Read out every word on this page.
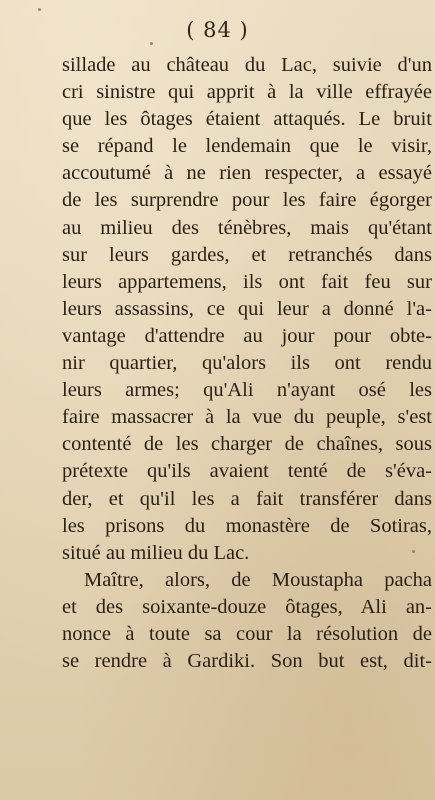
( 84 )
sillade au château du Lac, suivie d'un
cri sinistre qui apprit à la ville effrayée
que les ôtages étaient attaqués. Le bruit
se répand le lendemain que le visir,
accoutumé à ne rien respecter, a essayé
de les surprendre pour les faire égorger
au milieu des ténèbres, mais qu'étant
sur leurs gardes, et retranchés dans
leurs appartemens, ils ont fait feu sur
leurs assassins, ce qui leur a donné l'a-
vantage d'attendre au jour pour obte-
nir quartier, qu'alors ils ont rendu
leurs armes; qu'Ali n'ayant osé les
faire massacrer à la vue du peuple, s'est
contenté de les charger de chaînes, sous
prétexte qu'ils avaient tenté de s'éva-
der, et qu'il les a fait transférer dans
les prisons du monastère de Sotiras,
situé au milieu du Lac.
Maître, alors, de Moustapha pacha
et des soixante-douze ôtages, Ali an-
nonce à toute sa cour la résolution de
se rendre à Gardiki. Son but est, dit-
